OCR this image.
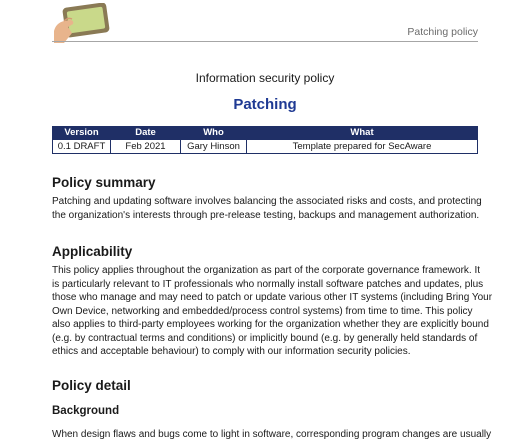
Patching policy
Information security policy
Patching
Version	Date	Who	What
0.1 DRAFT	Feb 2021	Gary Hinson	Template prepared for SecAware
Policy summary
Patching and updating software involves balancing the associated risks and costs, and protecting
the organization's interests through pre-release testing, backups and management authorization.
Applicability
This policy applies throughout the organization as part of the corporate governance framework. It
is particularly relevant to IT professionals who normally install software patches and updates, plus
those who manage and may need to patch or update various other IT systems (including Bring Your
Own Device, networking and embedded/process control systems) from time to time. This policy
also applies to third-party employees working for the organization whether they are explicitly bound
(e.g. by contractual terms and conditions) or implicitly bound (e.g. by generally held standards of
ethics and acceptable behaviour) to comply with our information security policies.
Policy detail
Background
When design flaws and bugs come to light in software, corresponding program changes are usually
